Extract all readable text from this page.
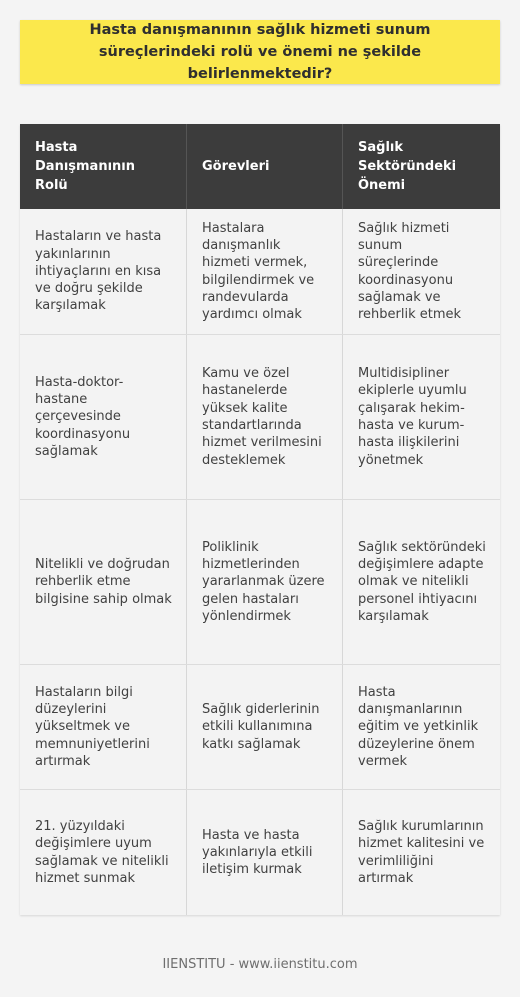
Hasta danışmanının sağlık hizmeti sunum süreçlerindeki rolü ve önemi ne şekilde belirlenmektedir?
Hasta Danışmanının Rolü
Görevleri
Sağlık Sektöründeki Önemi
Hastaların ve hasta yakınlarının ihtiyaçlarını en kısa ve doğru şekilde karşılamak
Hastalara danışmanlık hizmeti vermek, bilgilendirmek ve randevularda yardımcı olmak
Sağlık hizmeti sunum süreçlerinde koordinasyonu sağlamak ve rehberlik etmek
Hasta-doktor-hastane çerçevesinde koordinasyonu sağlamak
Kamu ve özel hastanelerde yüksek kalite standartlarında hizmet verilmesini desteklemek
Multidisipliner ekiplerle uyumlu çalışarak hekim-hasta ve kurum-hasta ilişkilerini yönetmek
Nitelikli ve doğrudan rehberlik etme bilgisine sahip olmak
Poliklinik hizmetlerinden yararlanmak üzere gelen hastaları yönlendirmek
Sağlık sektöründeki değişimlere adapte olmak ve nitelikli personel ihtiyacını karşılamak
Hastaların bilgi düzeylerini yükseltmek ve memnuniyetlerini artırmak
Sağlık giderlerinin etkili kullanımına katkı sağlamak
Hasta danışmanlarının eğitim ve yetkinlik düzeylerine önem vermek
21. yüzyıldaki değişimlere uyum sağlamak ve nitelikli hizmet sunmak
Hasta ve hasta yakınlarıyla etkili iletişim kurmak
Sağlık kurumlarının hizmet kalitesini ve verimliliğini artırmak
IIENSTITU - www.iienstitu.com
